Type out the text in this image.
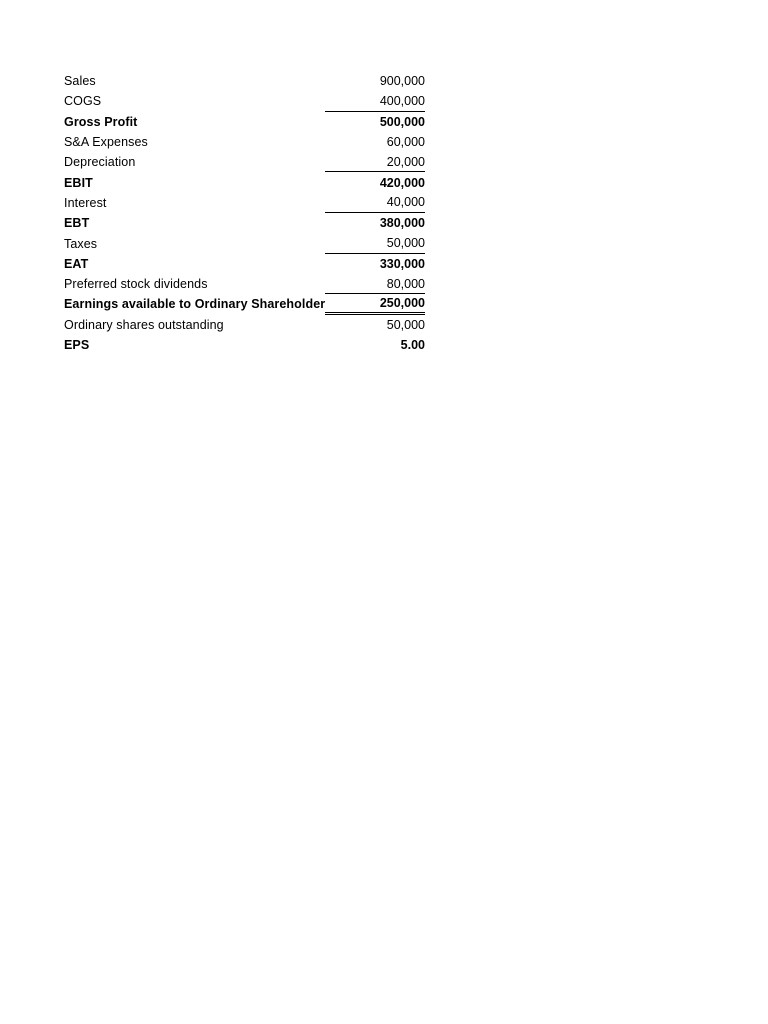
Sales	900,000
COGS	400,000
Gross Profit	500,000
S&A Expenses	60,000
Depreciation	20,000
EBIT	420,000
Interest	40,000
EBT	380,000
Taxes	50,000
EAT	330,000
Preferred stock dividends	80,000
Earnings available to Ordinary Shareholder	250,000
Ordinary shares outstanding	50,000
EPS	5.00
